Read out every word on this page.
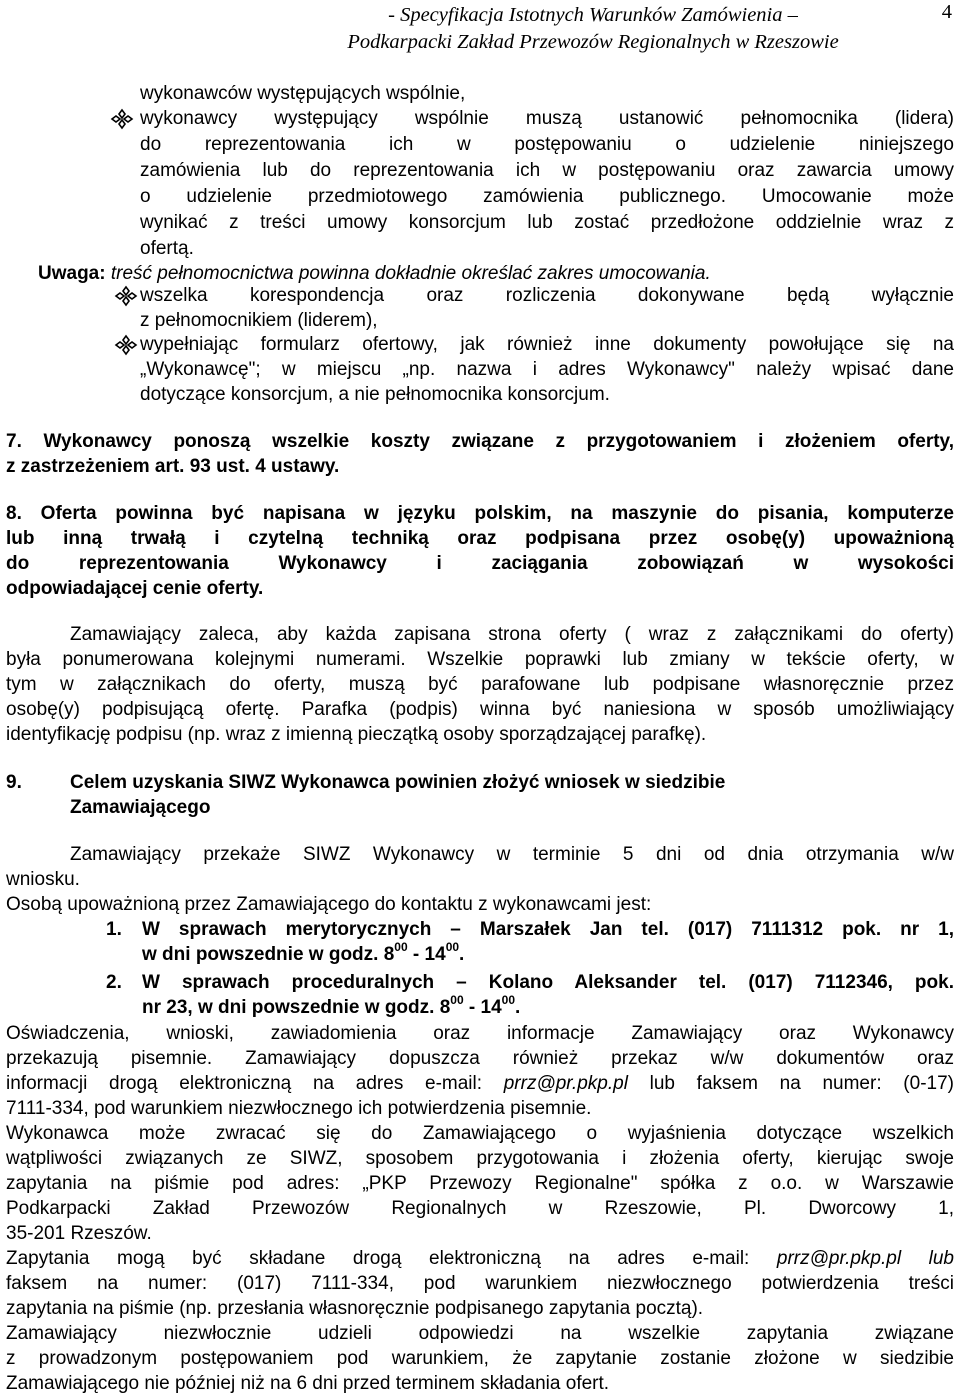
- Specyfikacja Istotnych Warunków Zamówienia –
Podkarpacki Zakład Przewozów Regionalnych w Rzeszowie
4
wykonawców występujących wspólnie,
wykonawcy występujący wspólnie muszą ustanowić pełnomocnika (lidera)
do reprezentowania ich w postępowaniu o udzielenie niniejszego
zamówienia lub do reprezentowania ich w postępowaniu oraz zawarcia umowy
o udzielenie przedmiotowego zamówienia publicznego. Umocowanie może
wynikać z treści umowy konsorcjum lub zostać przedłożone oddzielnie wraz z
ofertą.
Uwaga: treść pełnomocnictwa powinna dokładnie określać zakres umocowania.
wszelka korespondencja oraz rozliczenia dokonywane będą wyłącznie
z pełnomocnikiem (liderem),
wypełniając formularz ofertowy, jak również inne dokumenty powołujące się na
„Wykonawcę"; w miejscu „np. nazwa i adres Wykonawcy" należy wpisać dane
dotyczące konsorcjum, a nie pełnomocnika konsorcjum.
7. Wykonawcy ponoszą wszelkie koszty związane z przygotowaniem i złożeniem oferty,
z zastrzeżeniem art. 93 ust. 4 ustawy.
8. Oferta powinna być napisana w języku polskim, na maszynie do pisania, komputerze
lub inną trwałą i czytelną techniką oraz podpisana przez osobę(y) upoważnioną
do reprezentowania Wykonawcy i zaciągania zobowiązań w wysokości
odpowiadającej cenie oferty.
Zamawiający zaleca, aby każda zapisana strona oferty ( wraz z załącznikami do oferty)
była ponumerowana kolejnymi numerami. Wszelkie poprawki lub zmiany w tekście oferty, w
tym w załącznikach do oferty, muszą być parafowane lub podpisane własnoręcznie przez
osobę(y) podpisującą ofertę. Parafka (podpis) winna być naniesiona w sposób umożliwiający
identyfikację podpisu (np. wraz z imienną pieczątką osoby sporządzającej parafkę).
9.	Celem uzyskania SIWZ Wykonawca powinien złożyć wniosek w siedzibie
Zamawiającego
Zamawiający przekaże SIWZ Wykonawcy w terminie 5 dni od dnia otrzymania w/w
wniosku.
Osobą upoważnioną przez Zamawiającego do kontaktu z wykonawcami jest:
1. W sprawach merytorycznych – Marszałek Jan tel. (017) 7111312 pok. nr 1,
w dni powszednie w godz. $8^{00} - 14^{00}$.
2. W sprawach proceduralnych – Kolano Aleksander tel. (017) 7112346, pok.
nr 23, w dni powszednie w godz. $8^{00} - 14^{00}$.
Oświadczenia, wnioski, zawiadomienia oraz informacje Zamawiający oraz Wykonawcy
przekazują pisemnie. Zamawiający dopuszcza również przekaz w/w dokumentów oraz
informacji drogą elektroniczną na adres e-mail: prrz@pr.pkp.pl lub faksem na numer: (0-17)
7111-334, pod warunkiem niezwłocznego ich potwierdzenia pisemnie.
Wykonawca może zwracać się do Zamawiającego o wyjaśnienia dotyczące wszelkich
wątpliwości związanych ze SIWZ, sposobem przygotowania i złożenia oferty, kierując swoje
zapytania na piśmie pod adres: „PKP Przewozy Regionalne" spółka z o.o. w Warszawie
Podkarpacki Zakład Przewozów Regionalnych w Rzeszowie, Pl. Dworcowy 1,
35-201 Rzeszów.
Zapytania mogą być składane drogą elektroniczną na adres e-mail: prrz@pr.pkp.pl lub
faksem na numer: (017) 7111-334, pod warunkiem niezwłocznego potwierdzenia treści
zapytania na piśmie (np. przesłania własnoręcznie podpisanego zapytania pocztą).
Zamawiający niezwłocznie udzieli odpowiedzi na wszelkie zapytania związane
z prowadzonym postępowaniem pod warunkiem, że zapytanie zostanie złożone w siedzibie
Zamawiającego nie później niż na 6 dni przed terminem składania ofert.
